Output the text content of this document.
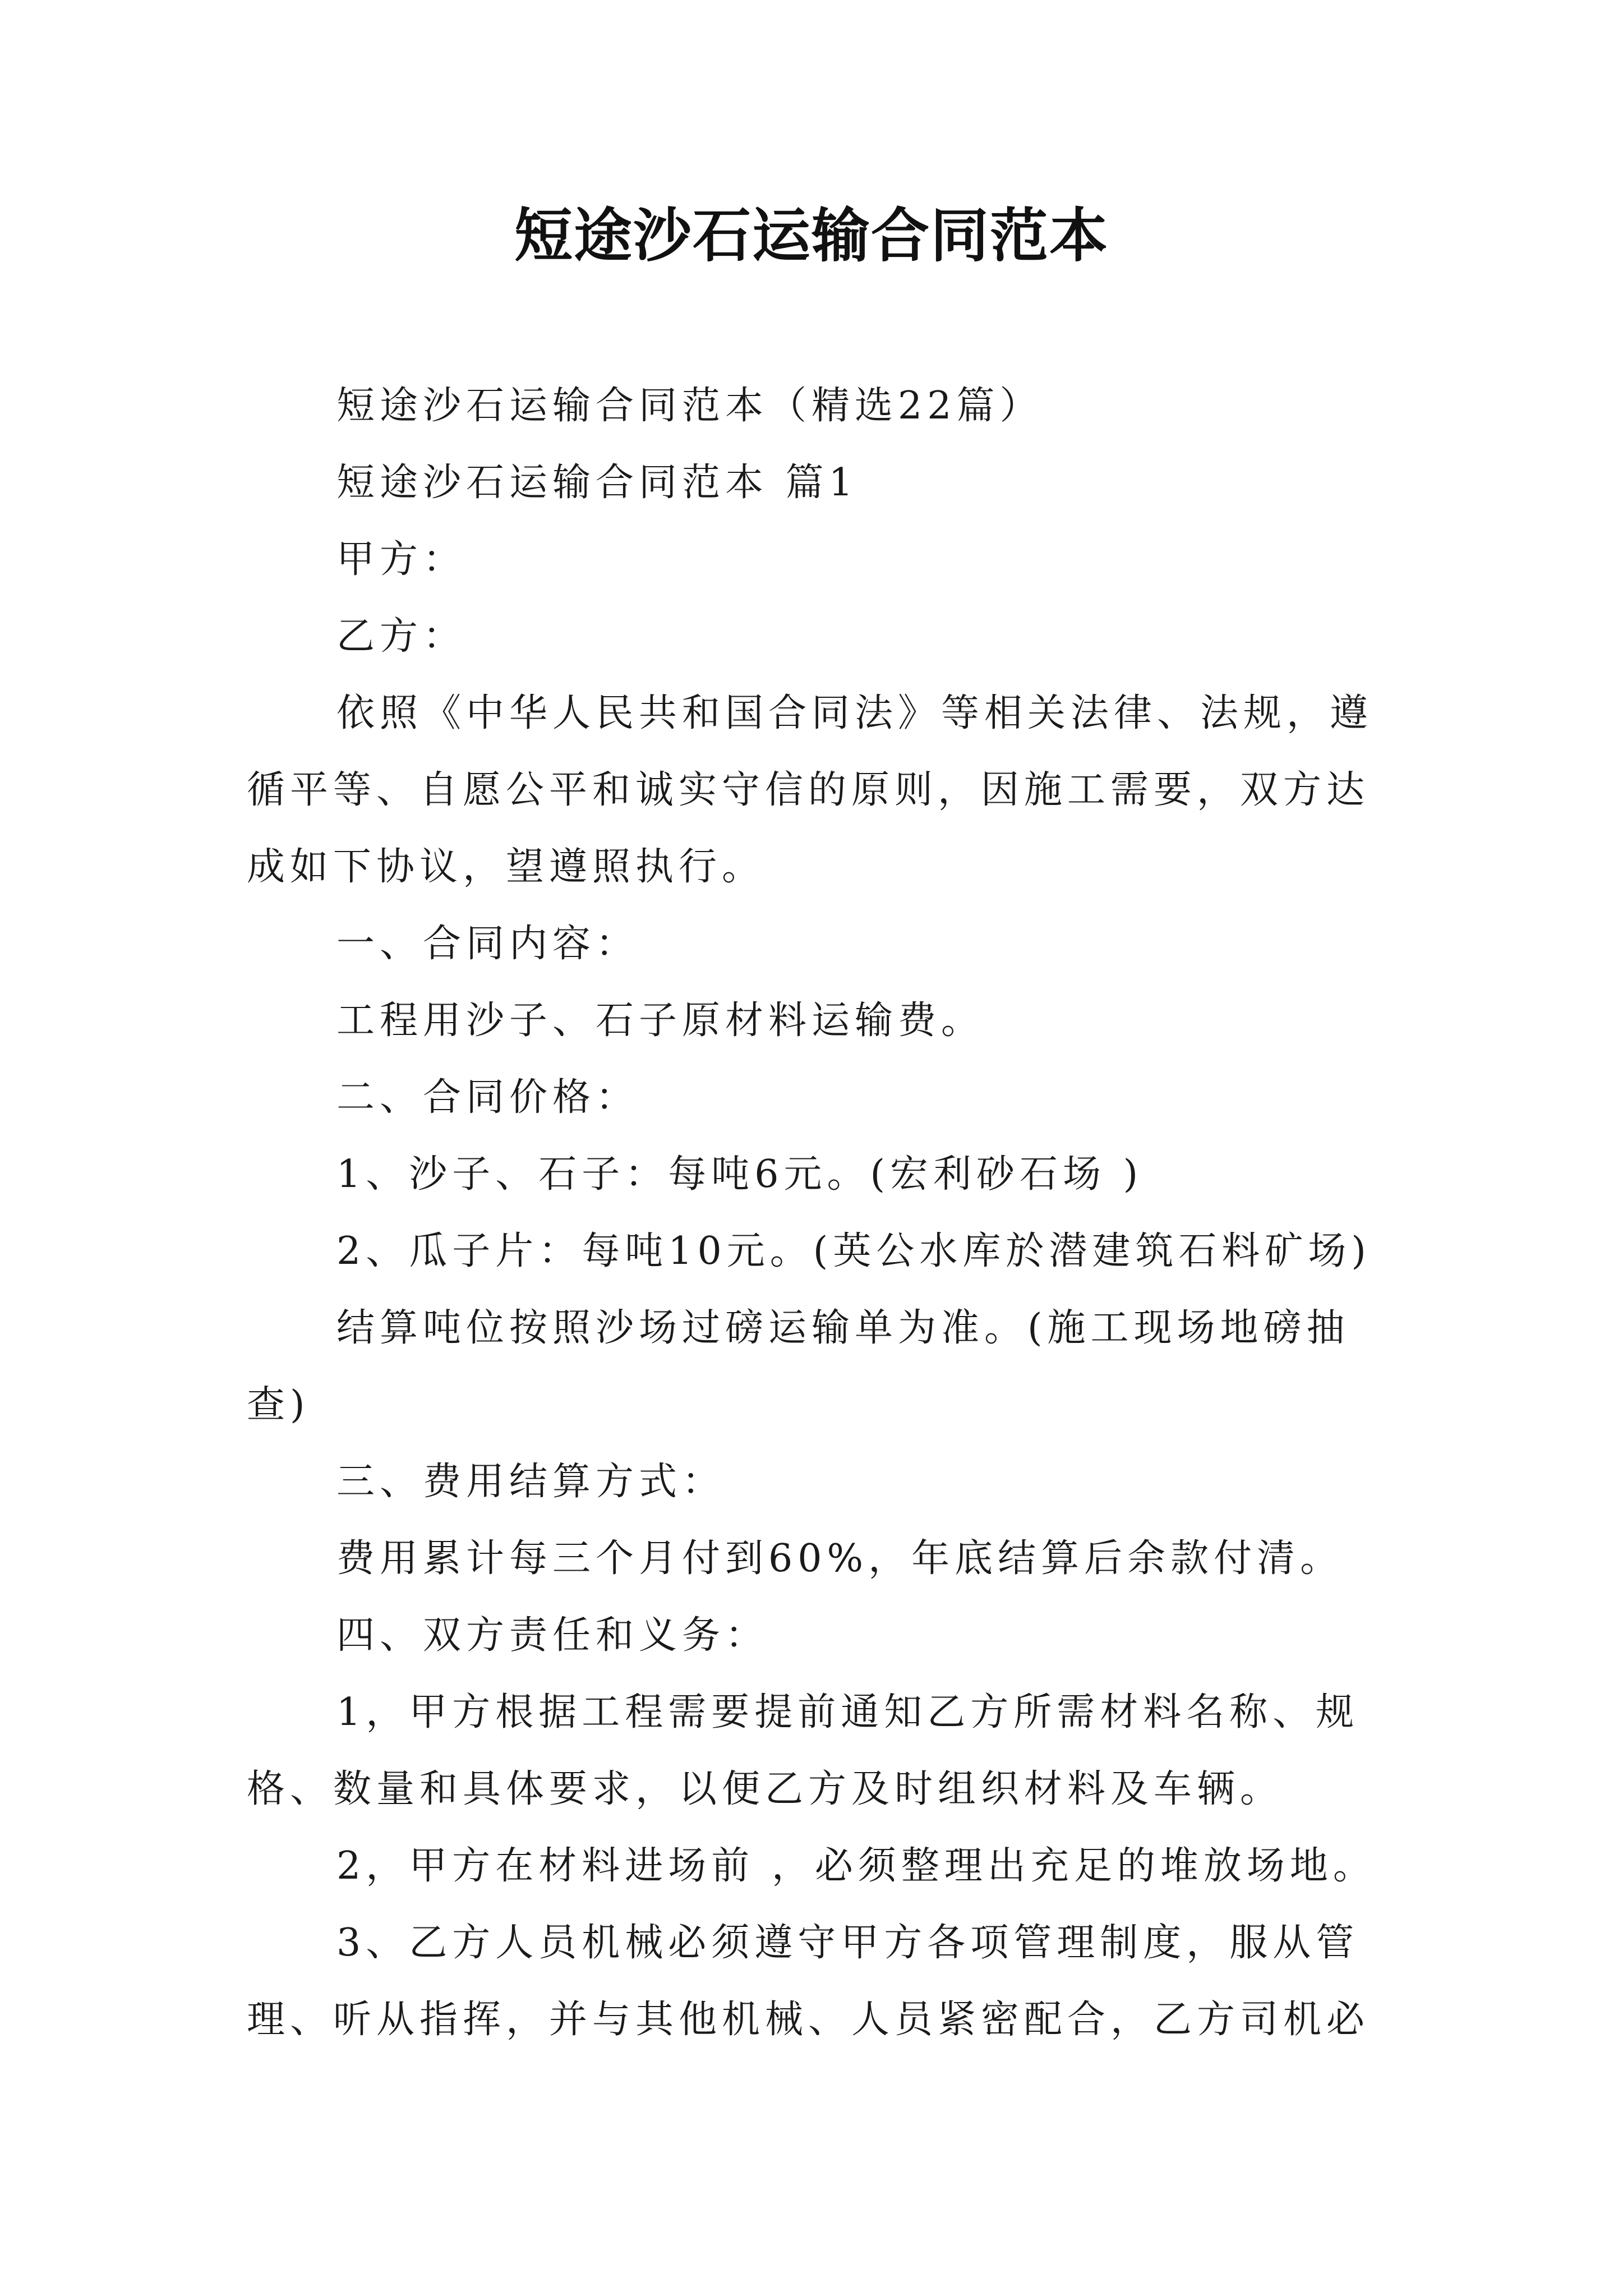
短途沙石运输合同范本

短途沙石运输合同范本（精选22篇）

短途沙石运输合同范本 篇1

甲方：

乙方：

依照《中华人民共和国合同法》等相关法律、法规，遵循平等、自愿公平和诚实守信的原则，因施工需要，双方达成如下协议，望遵照执行。

一、合同内容：

工程用沙子、石子原材料运输费。

二、合同价格：

1、沙子、石子：每吨6元。(宏利砂石场 )

2、瓜子片：每吨10元。(英公水库於潜建筑石料矿场)

结算吨位按照沙场过磅运输单为准。(施工现场地磅抽查)

三、费用结算方式：

费用累计每三个月付到60%，年底结算后余款付清。

四、双方责任和义务：

1，甲方根据工程需要提前通知乙方所需材料名称、规格、数量和具体要求，以便乙方及时组织材料及车辆。

2，甲方在材料进场前 ，必须整理出充足的堆放场地。

3、乙方人员机械必须遵守甲方各项管理制度，服从管理、听从指挥，并与其他机械、人员紧密配合，乙方司机必
